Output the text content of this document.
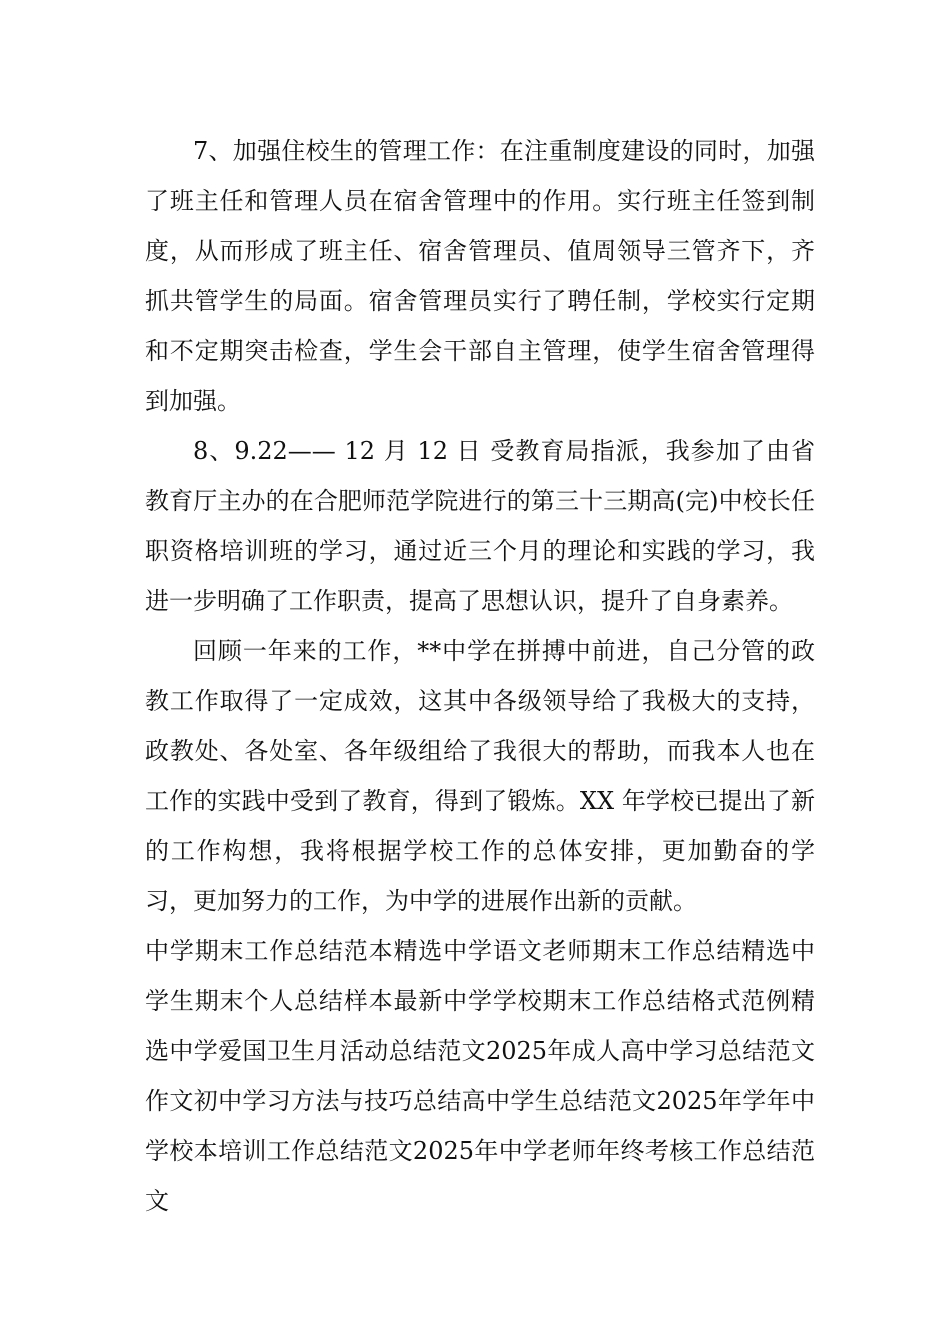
7、加强住校生的管理工作：在注重制度建设的同时，加强了班主任和管理人员在宿舍管理中的作用。实行班主任签到制度，从而形成了班主任、宿舍管理员、值周领导三管齐下，齐抓共管学生的局面。宿舍管理员实行了聘任制，学校实行定期和不定期突击检查，学生会干部自主管理，使学生宿舍管理得到加强。

8、9.22—— 12 月 12 日 受教育局指派，我参加了由省教育厅主办的在合肥师范学院进行的第三十三期高(完)中校长任职资格培训班的学习，通过近三个月的理论和实践的学习，我进一步明确了工作职责，提高了思想认识，提升了自身素养。

回顾一年来的工作，**中学在拼搏中前进，自己分管的政教工作取得了一定成效，这其中各级领导给了我极大的支持，政教处、各处室、各年级组给了我很大的帮助，而我本人也在工作的实践中受到了教育，得到了锻炼。XX 年学校已提出了新的工作构想，我将根据学校工作的总体安排，更加勤奋的学习，更加努力的工作，为中学的进展作出新的贡献。

中学期末工作总结范本精选中学语文老师期末工作总结精选中学生期末个人总结样本最新中学学校期末工作总结格式范例精选中学爱国卫生月活动总结范文2025年成人高中学习总结范文作文初中学习方法与技巧总结高中学生总结范文2025年学年中学校本培训工作总结范文2025年中学老师年终考核工作总结范文
